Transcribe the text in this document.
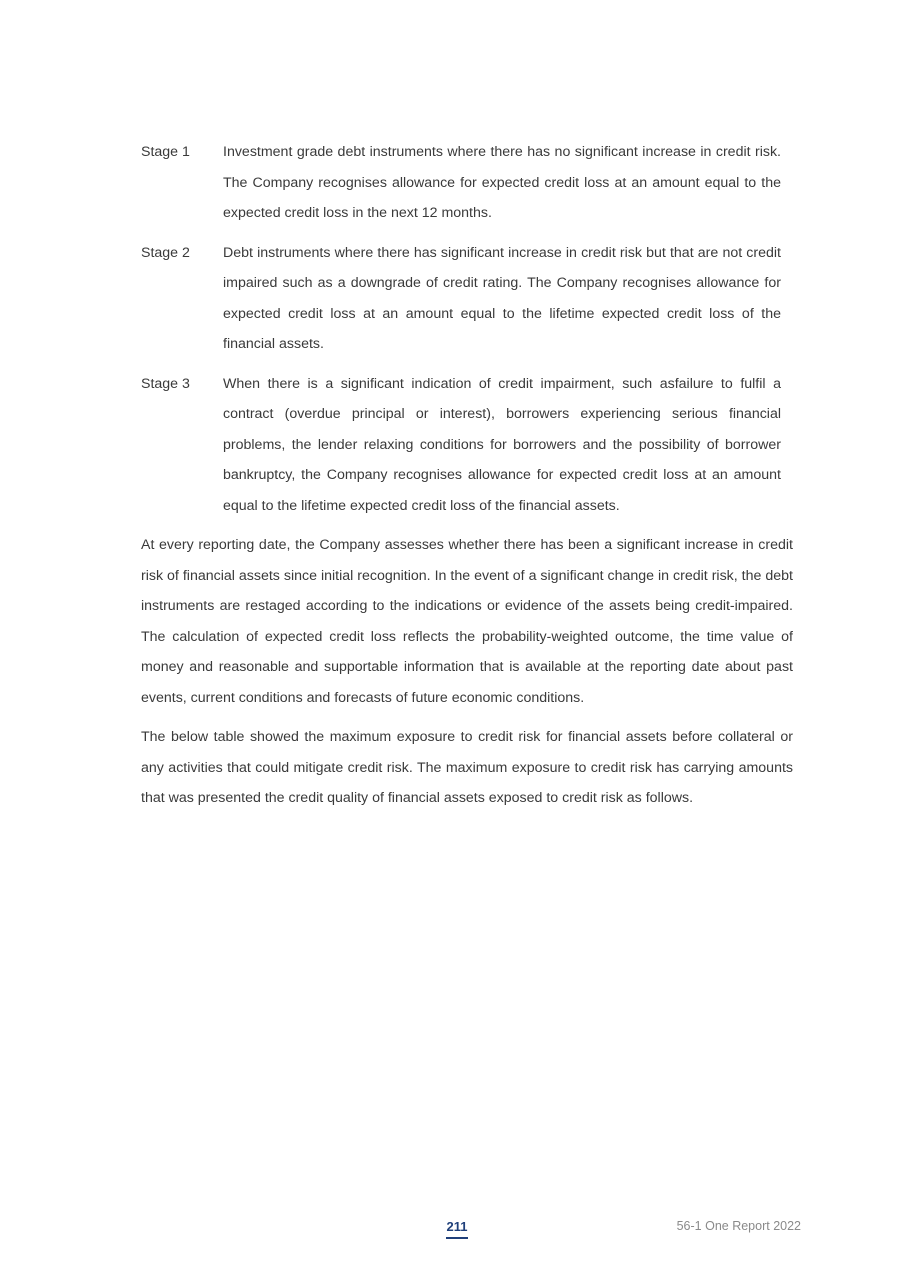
Stage 1	Investment grade debt instruments where there has no significant increase in credit risk. The Company recognises allowance for expected credit loss at an amount equal to the expected credit loss in the next 12 months.
Stage 2	Debt instruments where there has significant increase in credit risk but that are not credit impaired such as a downgrade of credit rating. The Company recognises allowance for expected credit loss at an amount equal to the lifetime expected credit loss of the financial assets.
Stage 3	When there is a significant indication of credit impairment, such asfailure to fulfil a contract (overdue principal or interest), borrowers experiencing serious financial problems, the lender relaxing conditions for borrowers and the possibility of borrower bankruptcy, the Company recognises allowance for expected credit loss at an amount equal to the lifetime expected credit loss of the financial assets.

At every reporting date, the Company assesses whether there has been a significant increase in credit risk of financial assets since initial recognition. In the event of a significant change in credit risk, the debt instruments are restaged according to the indications or evidence of the assets being credit-impaired. The calculation of expected credit loss reflects the probability-weighted outcome, the time value of money and reasonable and supportable information that is available at the reporting date about past events, current conditions and forecasts of future economic conditions.

The below table showed the maximum exposure to credit risk for financial assets before collateral or any activities that could mitigate credit risk. The maximum exposure to credit risk has carrying amounts that was presented the credit quality of financial assets exposed to credit risk as follows.

211	56-1 One Report 2022
